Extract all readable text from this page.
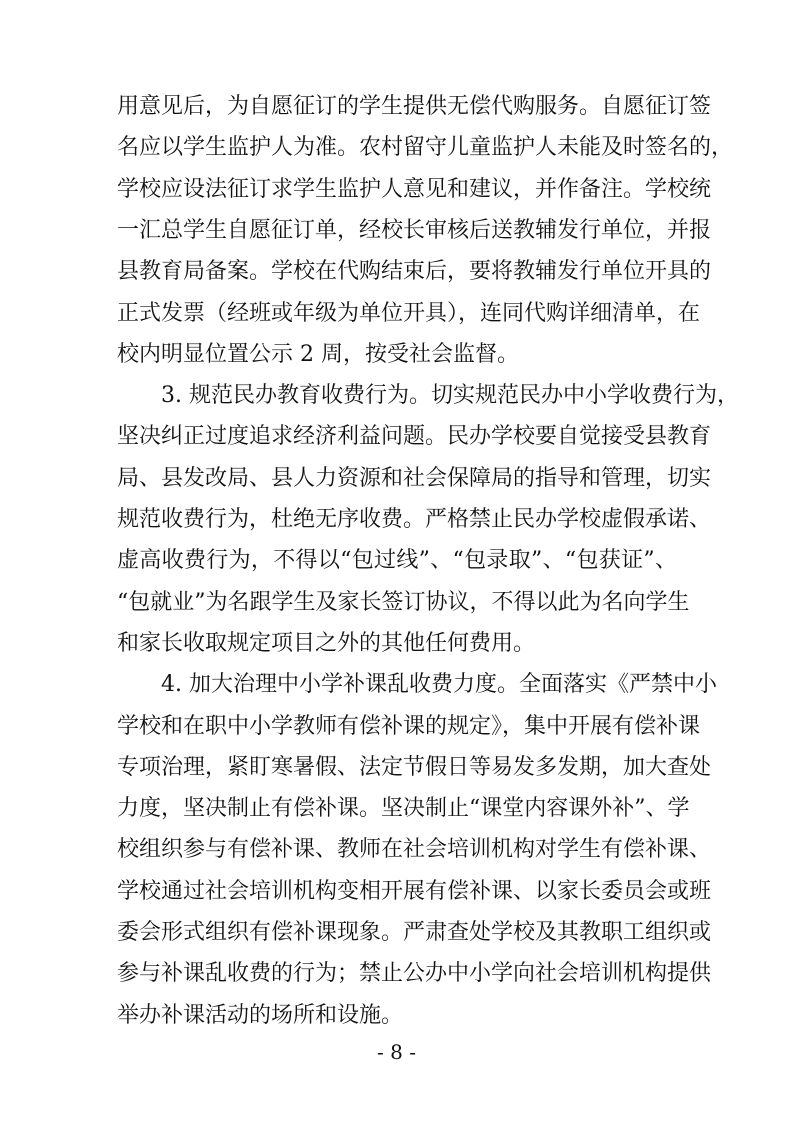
用意见后，为自愿征订的学生提供无偿代购服务。自愿征订签
名应以学生监护人为准。农村留守儿童监护人未能及时签名的，
学校应设法征订求学生监护人意见和建议，并作备注。学校统
一汇总学生自愿征订单，经校长审核后送教辅发行单位，并报
县教育局备案。学校在代购结束后，要将教辅发行单位开具的
正式发票（经班或年级为单位开具），连同代购详细清单，在
校内明显位置公示 2 周，按受社会监督。
3. 规范民办教育收费行为。切实规范民办中小学收费行为，
坚决纠正过度追求经济利益问题。民办学校要自觉接受县教育
局、县发改局、县人力资源和社会保障局的指导和管理，切实
规范收费行为，杜绝无序收费。严格禁止民办学校虚假承诺、
虚高收费行为，不得以“包过线”、“包录取”、“包获证”、
“包就业”为名跟学生及家长签订协议，不得以此为名向学生
和家长收取规定项目之外的其他任何费用。
4. 加大治理中小学补课乱收费力度。全面落实《严禁中小
学校和在职中小学教师有偿补课的规定》，集中开展有偿补课
专项治理，紧盯寒暑假、法定节假日等易发多发期，加大查处
力度，坚决制止有偿补课。坚决制止“课堂内容课外补”、学
校组织参与有偿补课、教师在社会培训机构对学生有偿补课、
学校通过社会培训机构变相开展有偿补课、以家长委员会或班
委会形式组织有偿补课现象。严肃查处学校及其教职工组织或
参与补课乱收费的行为；禁止公办中小学向社会培训机构提供
举办补课活动的场所和设施。
- 8 -
